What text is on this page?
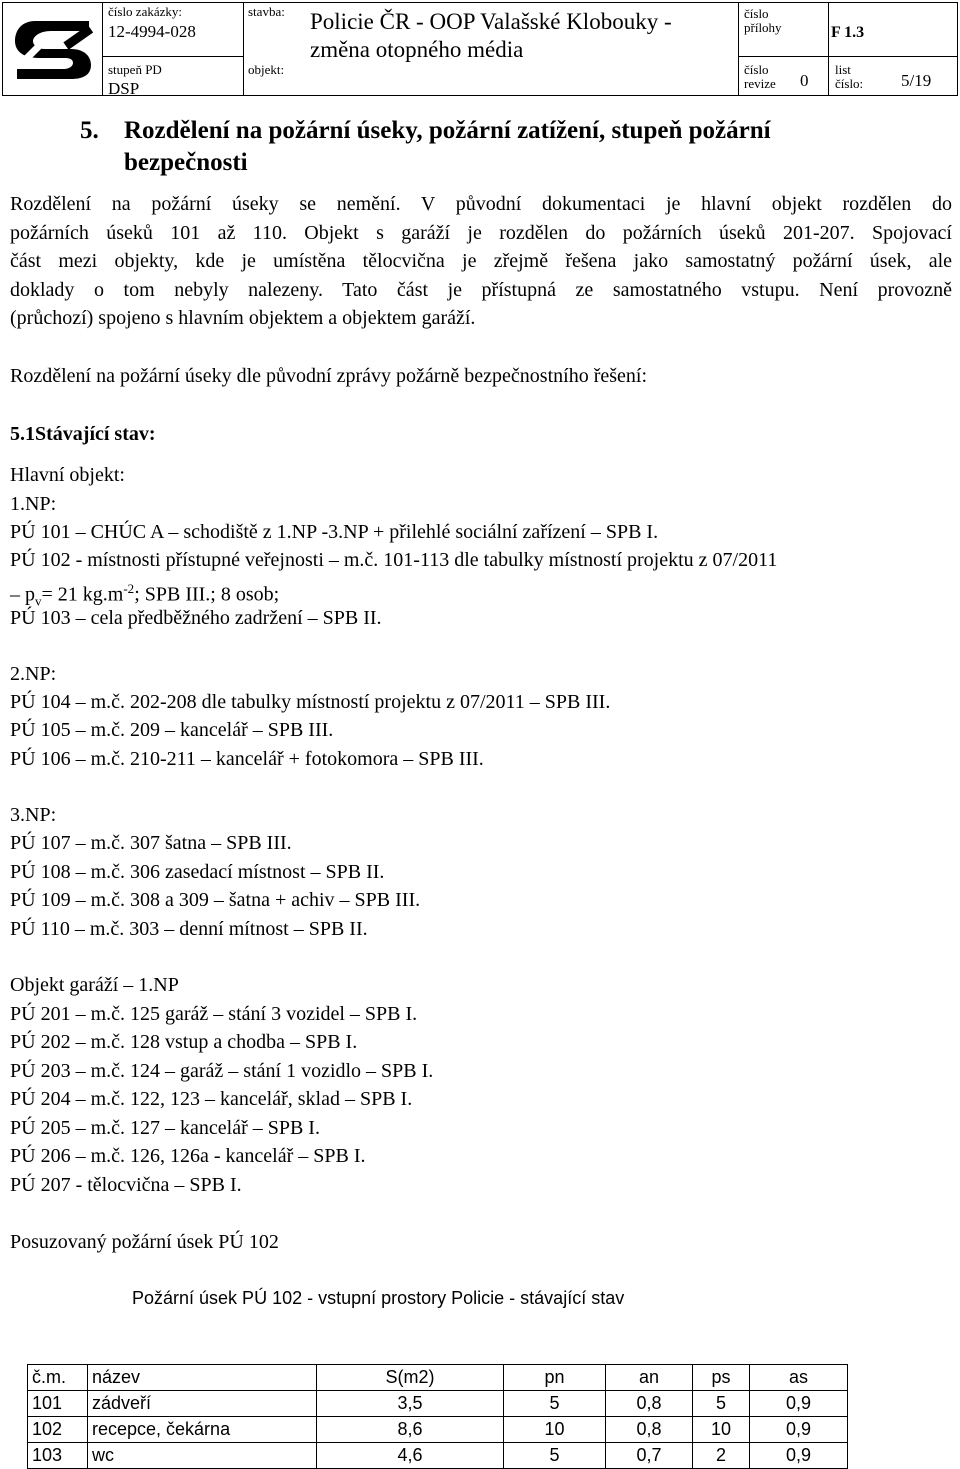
číslo zakázky:
12-4994-028
stavba: Policie ČR - OOP Valašské Klobouky -
změna otopného média
číslo
přílohy	F 1.3
stupeň PD
DSP
objekt:	číslo
revize 0
list
číslo: 5/19
5. Rozdělení na požární úseky, požární zatížení, stupeň požární
bezpečnosti
Rozdělení na požární úseky se nemění. V původní dokumentaci je hlavní objekt rozdělen do
požárních úseků 101 až 110. Objekt s garáží je rozdělen do požárních úseků 201-207. Spojovací
část mezi objekty, kde je umístěna tělocvična je zřejmě řešena jako samostatný požární úsek, ale
doklady o tom nebyly nalezeny. Tato část je přístupná ze samostatného vstupu. Není provozně
(průchozí) spojeno s hlavním objektem a objektem garáží.
Rozdělení na požární úseky dle původní zprávy požárně bezpečnostního řešení:
5.1Stávající stav:
Hlavní objekt:
1.NP:
PÚ 101 – CHÚC A – schodiště z 1.NP -3.NP + přilehlé sociální zařízení – SPB I.
PÚ 102 - místnosti přístupné veřejnosti – m.č. 101-113 dle tabulky místností projektu z 07/2011
– $p_v= 21$ $kg.m^{-2}$; SPB III.; 8 osob;
PÚ 103 – cela předběžného zadržení – SPB II.
2.NP:
PÚ 104 – m.č. 202-208 dle tabulky místností projektu z 07/2011 – SPB III.
PÚ 105 – m.č. 209 – kancelář – SPB III.
PÚ 106 – m.č. 210-211 – kancelář + fotokomora – SPB III.
3.NP:
PÚ 107 – m.č. 307 šatna – SPB III.
PÚ 108 – m.č. 306 zasedací místnost – SPB II.
PÚ 109 – m.č. 308 a 309 – šatna + achiv – SPB III.
PÚ 110 – m.č. 303 – denní mítnost – SPB II.
Objekt garáží – 1.NP
PÚ 201 – m.č. 125 garáž – stání 3 vozidel – SPB I.
PÚ 202 – m.č. 128 vstup a chodba – SPB I.
PÚ 203 – m.č. 124 – garáž – stání 1 vozidlo – SPB I.
PÚ 204 – m.č. 122, 123 – kancelář, sklad – SPB I.
PÚ 205 – m.č. 127 – kancelář – SPB I.
PÚ 206 – m.č. 126, 126a - kancelář – SPB I.
PÚ 207 - tělocvična – SPB I.
Posuzovaný požární úsek PÚ 102
Požární úsek PÚ 102 - vstupní prostory Policie - stávající stav
č.m.	název	S(m2)	pn	an	ps	as
101	zádveří	3,5	5	0,8	5	0,9
102	recepce, čekárna	8,6	10	0,8	10	0,9
103	wc	4,6	5	0,7	2	0,9
